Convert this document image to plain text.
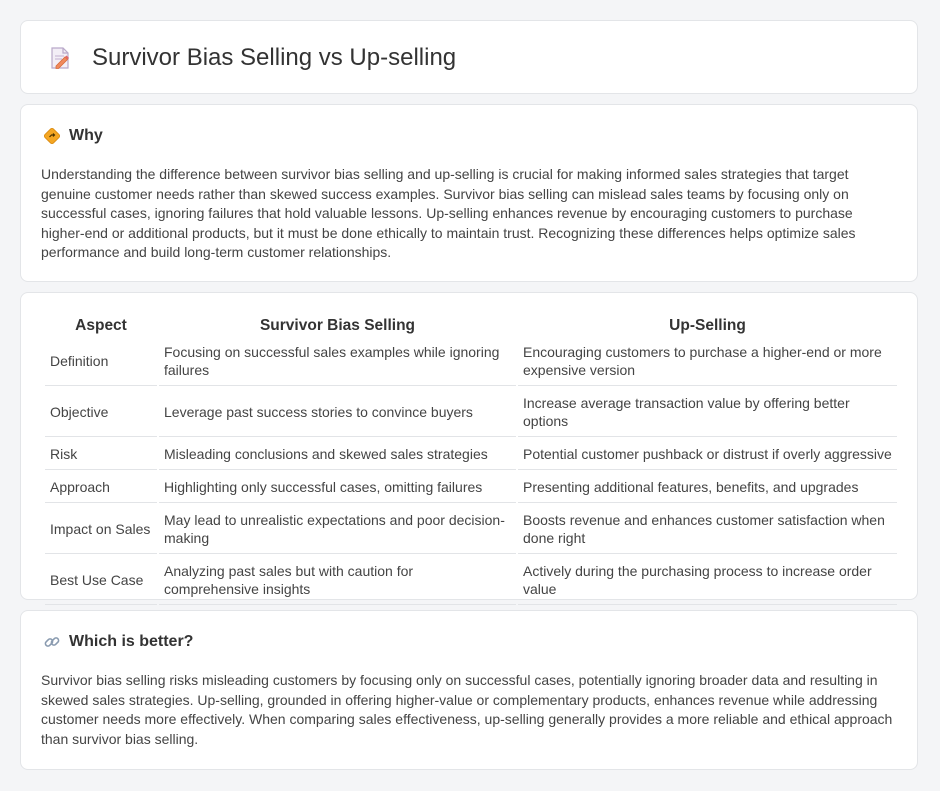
Survivor Bias Selling vs Up-selling
Why

Understanding the difference between survivor bias selling and up-selling is crucial for making informed sales strategies that target genuine customer needs rather than skewed success examples. Survivor bias selling can mislead sales teams by focusing only on successful cases, ignoring failures that hold valuable lessons. Up-selling enhances revenue by encouraging customers to purchase higher-end or additional products, but it must be done ethically to maintain trust. Recognizing these differences helps optimize sales performance and build long-term customer relationships.

Aspect	Survivor Bias Selling	Up-Selling
Definition	Focusing on successful sales examples while ignoring failures	Encouraging customers to purchase a higher-end or more expensive version
Objective	Leverage past success stories to convince buyers	Increase average transaction value by offering better options
Risk	Misleading conclusions and skewed sales strategies	Potential customer pushback or distrust if overly aggressive
Approach	Highlighting only successful cases, omitting failures	Presenting additional features, benefits, and upgrades
Impact on Sales	May lead to unrealistic expectations and poor decision-making	Boosts revenue and enhances customer satisfaction when done right
Best Use Case	Analyzing past sales but with caution for comprehensive insights	Actively during the purchasing process to increase order value
Which is better?

Survivor bias selling risks misleading customers by focusing only on successful cases, potentially ignoring broader data and resulting in skewed sales strategies. Up-selling, grounded in offering higher-value or complementary products, enhances revenue while addressing customer needs more effectively. When comparing sales effectiveness, up-selling generally provides a more reliable and ethical approach than survivor bias selling.
